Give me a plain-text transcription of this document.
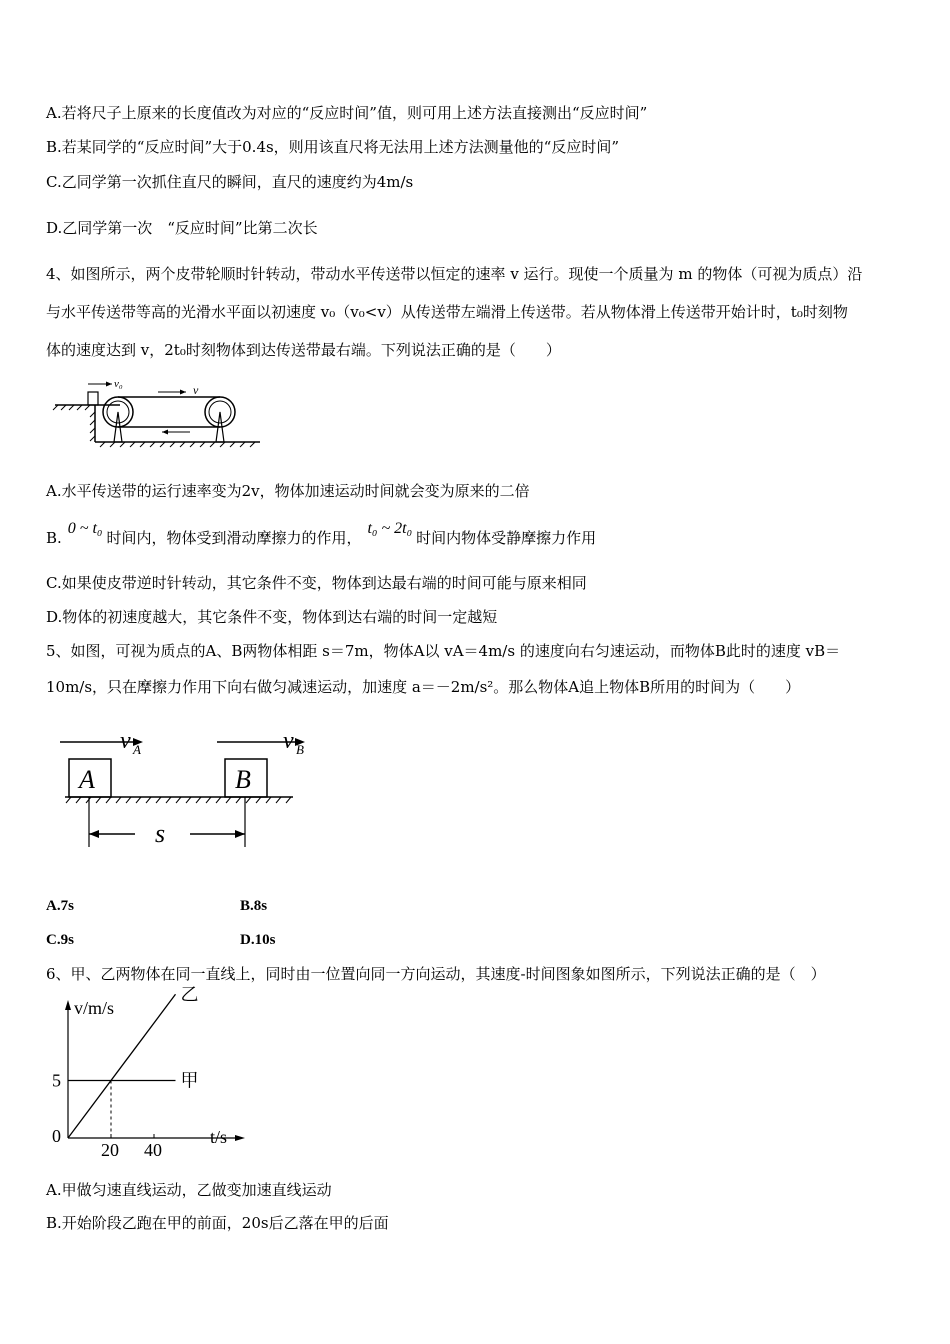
A.若将尺子上原来的长度值改为对应的“反应时间”值，则可用上述方法直接测出“反应时间”
B.若某同学的“反应时间”大于0.4s，则用该直尺将无法用上述方法测量他的“反应时间”
C.乙同学第一次抓住直尺的瞬间，直尺的速度约为4m/s
D.乙同学第一次　“反应时间”比第二次长
4、如图所示，两个皮带轮顺时针转动，带动水平传送带以恒定的速率 v 运行。现使一个质量为 m 的物体（可视为质点）沿
与水平传送带等高的光滑水平面以初速度 v₀（v₀<v）从传送带左端滑上传送带。若从物体滑上传送带开始计时，t₀时刻物
体的速度达到 v，2t₀时刻物体到达传送带最右端。下列说法正确的是（　　）
v₀	v
A.水平传送带的运行速率变为2v，物体加速运动时间就会变为原来的二倍
B.0 ~ t₀时间内，物体受到滑动摩擦力的作用，t₀ ~ 2t₀时间内物体受静摩擦力作用
C.如果使皮带逆时针转动，其它条件不变，物体到达最右端的时间可能与原来相同
D.物体的初速度越大，其它条件不变，物体到达右端的时间一定越短
5、如图，可视为质点的A、B两物体相距 s＝7m，物体A以 vA＝4m/s 的速度向右匀速运动，而物体B此时的速度 vB＝
10m/s，只在摩擦力作用下向右做匀减速运动，加速度 a＝－2m/s²。那么物体A追上物体B所用的时间为（　　）
v A	v B
A	B
s
A.7s	B.8s
C.9s	D.10s
6、甲、乙两物体在同一直线上，同时由一位置向同一方向运动，其速度-时间图象如图所示，下列说法正确的是（　）
v/m/s
t/s
甲
乙
0
20 40
5
A.甲做匀速直线运动，乙做变加速直线运动
B.开始阶段乙跑在甲的前面，20s后乙落在甲的后面
